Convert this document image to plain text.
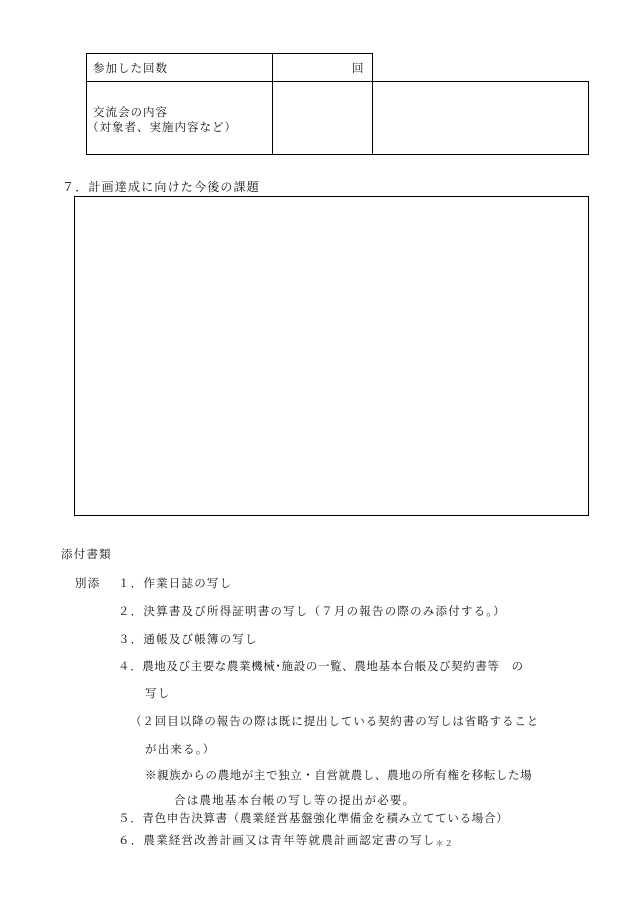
参加した回数	回
交流会の内容
（対象者、実施内容など）
７．計画達成に向けた今後の課題
添付書類
別添 １．作業日誌の写し
２．決算書及び所得証明書の写し（７月の報告の際のみ添付する。）
３．通帳及び帳簿の写し
４．農地及び主要な農業機械･施設の一覧、農地基本台帳及び契約書等　の
写し
（２回目以降の報告の際は既に提出している契約書の写しは省略すること
が出来る。）
※親族からの農地が主で独立・自営就農し、農地の所有権を移転した場
合は農地基本台帳の写し等の提出が必要。
５．青色申告決算書（農業経営基盤強化準備金を積み立てている場合）
６．農業経営改善計画又は青年等就農計画認定書の写し＊２
